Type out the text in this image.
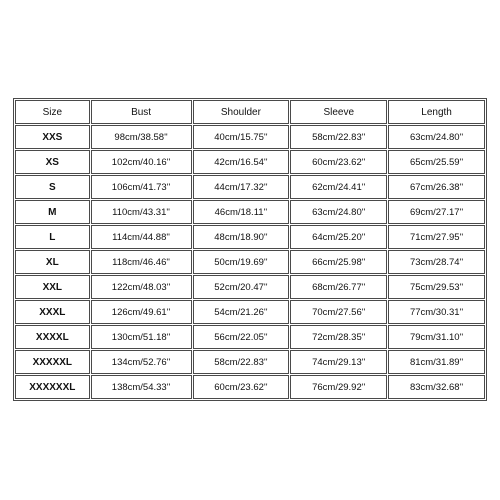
Size	Bust	Shoulder	Sleeve	Length
XXS	98cm/38.58''	40cm/15.75''	58cm/22.83''	63cm/24.80''
XS	102cm/40.16''	42cm/16.54''	60cm/23.62''	65cm/25.59''
S	106cm/41.73''	44cm/17.32''	62cm/24.41''	67cm/26.38''
M	110cm/43.31''	46cm/18.11''	63cm/24.80''	69cm/27.17''
L	114cm/44.88''	48cm/18.90''	64cm/25.20''	71cm/27.95''
XL	118cm/46.46''	50cm/19.69''	66cm/25.98''	73cm/28.74''
XXL	122cm/48.03''	52cm/20.47''	68cm/26.77''	75cm/29.53''
XXXL	126cm/49.61''	54cm/21.26''	70cm/27.56''	77cm/30.31''
XXXXL	130cm/51.18''	56cm/22.05''	72cm/28.35''	79cm/31.10''
XXXXXL	134cm/52.76''	58cm/22.83''	74cm/29.13''	81cm/31.89''
XXXXXXL	138cm/54.33''	60cm/23.62''	76cm/29.92''	83cm/32.68''
